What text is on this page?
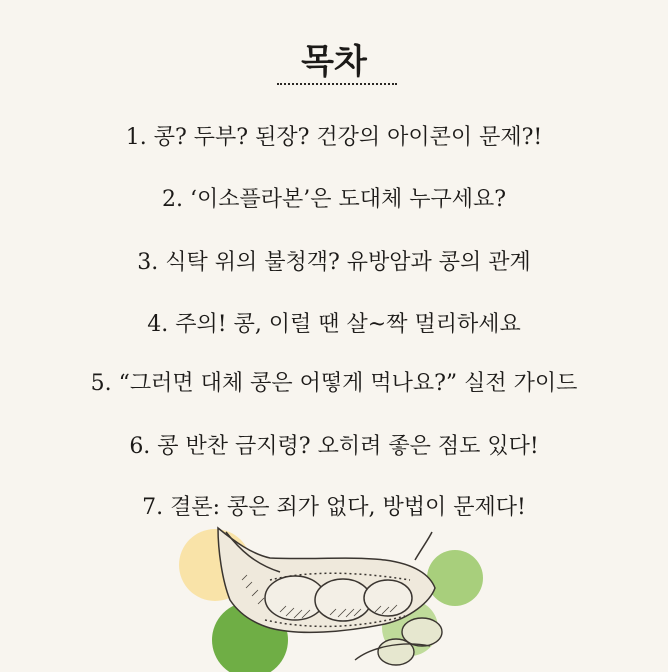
목차
1. 콩? 두부? 된장? 건강의 아이콘이 문제?!
2. ‘이소플라본’은 도대체 누구세요?
3. 식탁 위의 불청객? 유방암과 콩의 관계
4. 주의! 콩, 이럴 땐 살~짝 멀리하세요
5. “그러면 대체 콩은 어떻게 먹나요?” 실전 가이드
6. 콩 반찬 금지령? 오히려 좋은 점도 있다!
7. 결론: 콩은 죄가 없다, 방법이 문제다!
